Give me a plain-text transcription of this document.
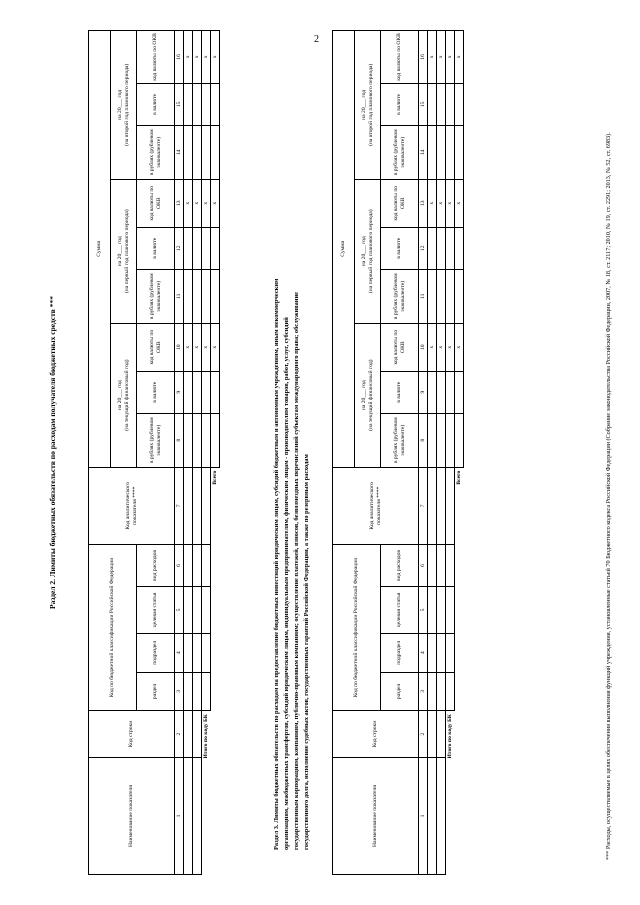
2
Раздел 2. Лимиты бюджетных обязательств по расходам получателя бюджетных средств ***
Наименование показателя	Код строки	Код по бюджетной классификации Российской Федерации				Код аналитического показателя ****	Сумма								
							на 20___ год
(на текущий финансовый год)			на 20___ год
(на первый год планового периода)			на 20___ год
(на второй год планового периода)		
		раздел	подраздел	целевая статья	вид расходов		в рублях (рублевом эквиваленте)	в валюте	код валюты по ОКВ	в рублях (рублевом эквиваленте)	в валюте	код валюты по ОКВ	в рублях (рублевом эквиваленте)	в валюте	код валюты по ОКВ
1	2	3	4	5	6	7	8	9	10	11	12	13	14	15	16
									x			x			x
									x			x			x
Итого по коду БК									x			x			x
Всего									x			x			x
Раздел 3. Лимиты бюджетных обязательств по расходам на предоставление бюджетных инвестиций юридическим лицам, субсидий бюджетным и автономным учреждениям, иным некоммерческим организациям, межбюджетных трансфертов, субсидий юридическим лицам, индивидуальным предпринимателям, физическим лицам - производителям товаров, работ, услуг, субсидий государственным корпорациям, компаниям, публично-правовым компаниям; осуществление платежей, взносов, безвозмездных перечислений субъектам международного права; обслуживание государственного долга, исполнение судебных актов, государственных гарантий Российской Федерации, а также по резервным расходам	Наименование показателя	Код строки	Код по бюджетной классификации Российской Федерации				Код аналитического показателя ****	Сумма								
							на 20___ год
(на текущий финансовый год)			на 20___ год
(на первый год планового периода)			на 20___ год
(на второй год планового периода)		
		раздел	подраздел	целевая статья	вид расходов		в рублях (рублевом эквиваленте)	в валюте	код валюты по ОКВ	в рублях (рублевом эквиваленте)	в валюте	код валюты по ОКВ	в рублях (рублевом эквиваленте)	в валюте	код валюты по ОКВ
1	2	3	4	5	6	7	8	9	10	11	12	13	14	15	16
									x			x			x
									x			x			x
Итого по коду БК									x			x			x
Всего									x			x			x
*** Расходы, осуществляемые в целях обеспечения выполнения функций учреждения, установленные статьей 70 Бюджетного кодекса Российской Федерации (Собрание законодательства Российской Федерации, 2007, № 18, ст. 2117; 2010, № 19, ст. 2291; 2013, № 52, ст. 6983).
